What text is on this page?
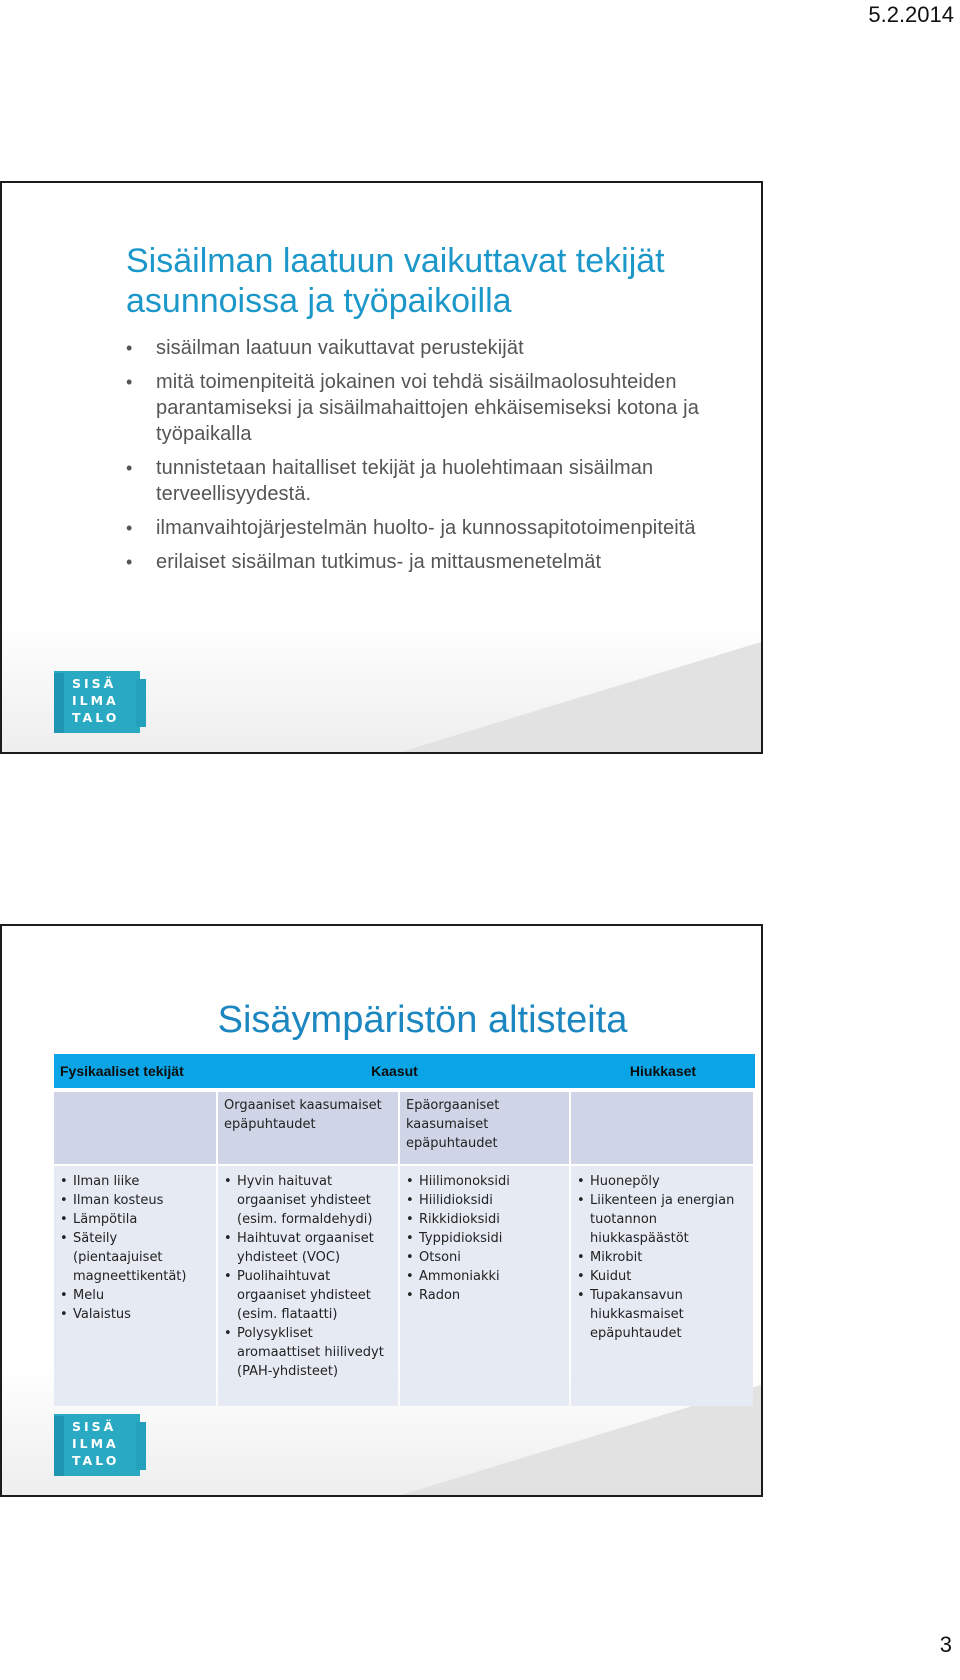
5.2.2014
Sisäilman laatuun vaikuttavat tekijät
asunnoissa ja työpaikoilla
• sisäilman laatuun vaikuttavat perustekijät
• mitä toimenpiteitä jokainen voi tehdä sisäilmaolosuhteiden parantamiseksi ja sisäilmahaittojen ehkäisemiseksi kotona ja työpaikalla
• tunnistetaan haitalliset tekijät ja huolehtimaan sisäilman terveellisyydestä.
• ilmanvaihtojärjestelmän huolto- ja kunnossapitotoimenpiteitä
• erilaiset sisäilman tutkimus- ja mittausmenetelmät
SISÄ
ILMA
TALO
Sisäympäristön altisteita
Fysikaaliset tekijät	Kaasut	Hiukkaset
Orgaaniset kaasumaiset epäpuhtaudet
Epäorgaaniset kaasumaiset epäpuhtaudet
• Ilman liike
• Ilman kosteus
• Lämpötila
• Säteily (pientaajuiset magneettikentät)
• Melu
• Valaistus
• Hyvin haituvat orgaaniset yhdisteet (esim. formaldehydi)
• Haihtuvat orgaaniset yhdisteet (VOC)
• Puolihaihtuvat orgaaniset yhdisteet (esim. flataatti)
• Polysykliset aromaattiset hiilivedyt (PAH-yhdisteet)
• Hiilimonoksidi
• Hiilidioksidi
• Rikkidioksidi
• Typpidioksidi
• Otsoni
• Ammoniakki
• Radon
• Huonepöly
• Liikenteen ja energian tuotannon hiukkaspäästöt
• Mikrobit
• Kuidut
• Tupakansavun hiukkasmaiset epäpuhtaudet
SISÄ
ILMA
TALO
3
